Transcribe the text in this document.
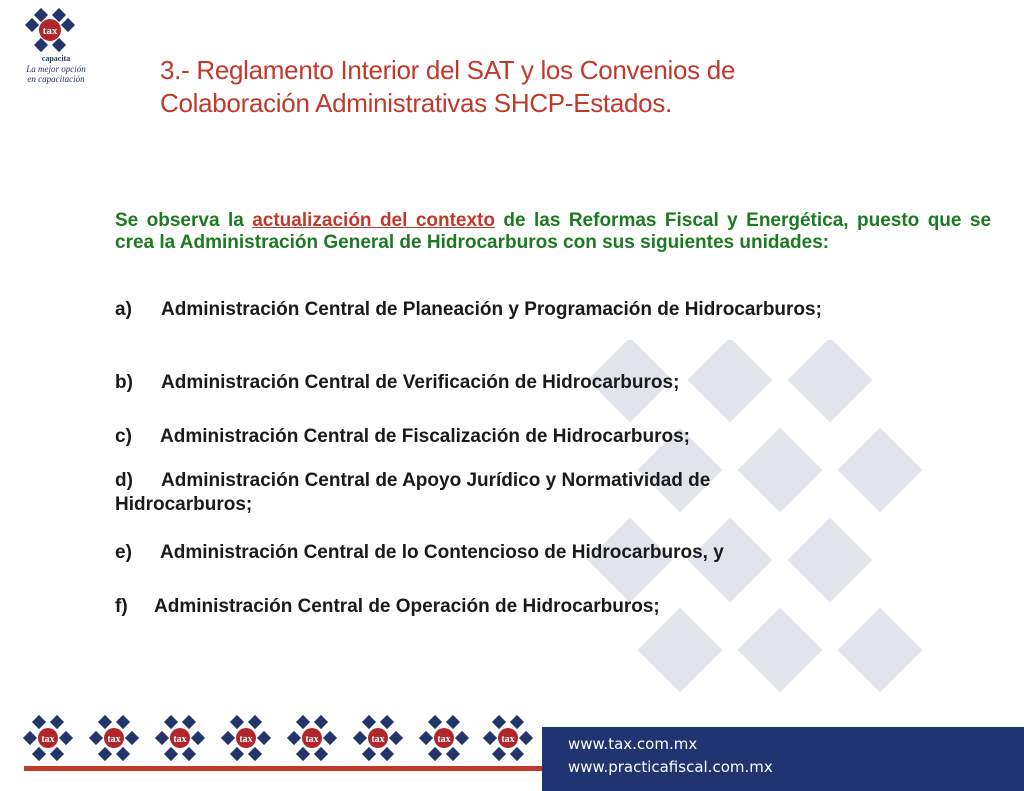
tax
capacita
La mejor opción
en capacitación	3.- Reglamento Interior del SAT y los Convenios de
Colaboración Administrativas SHCP-Estados.
Se observa la actualización del contexto de las Reformas Fiscal y Energética, puesto que se crea la Administración General de Hidrocarburos con sus siguientes unidades:
a) Administración Central de Planeación y Programación de Hidrocarburos;
b) Administración Central de Verificación de Hidrocarburos;
c) Administración Central de Fiscalización de Hidrocarburos;
d) Administración Central de Apoyo Jurídico y Normatividad de Hidrocarburos;
e) Administración Central de lo Contencioso de Hidrocarburos, y
f) Administración Central de Operación de Hidrocarburos;
tax	tax	tax	tax	tax	tax	tax	tax	www.tax.com.mx
www.practicafiscal.com.mx
